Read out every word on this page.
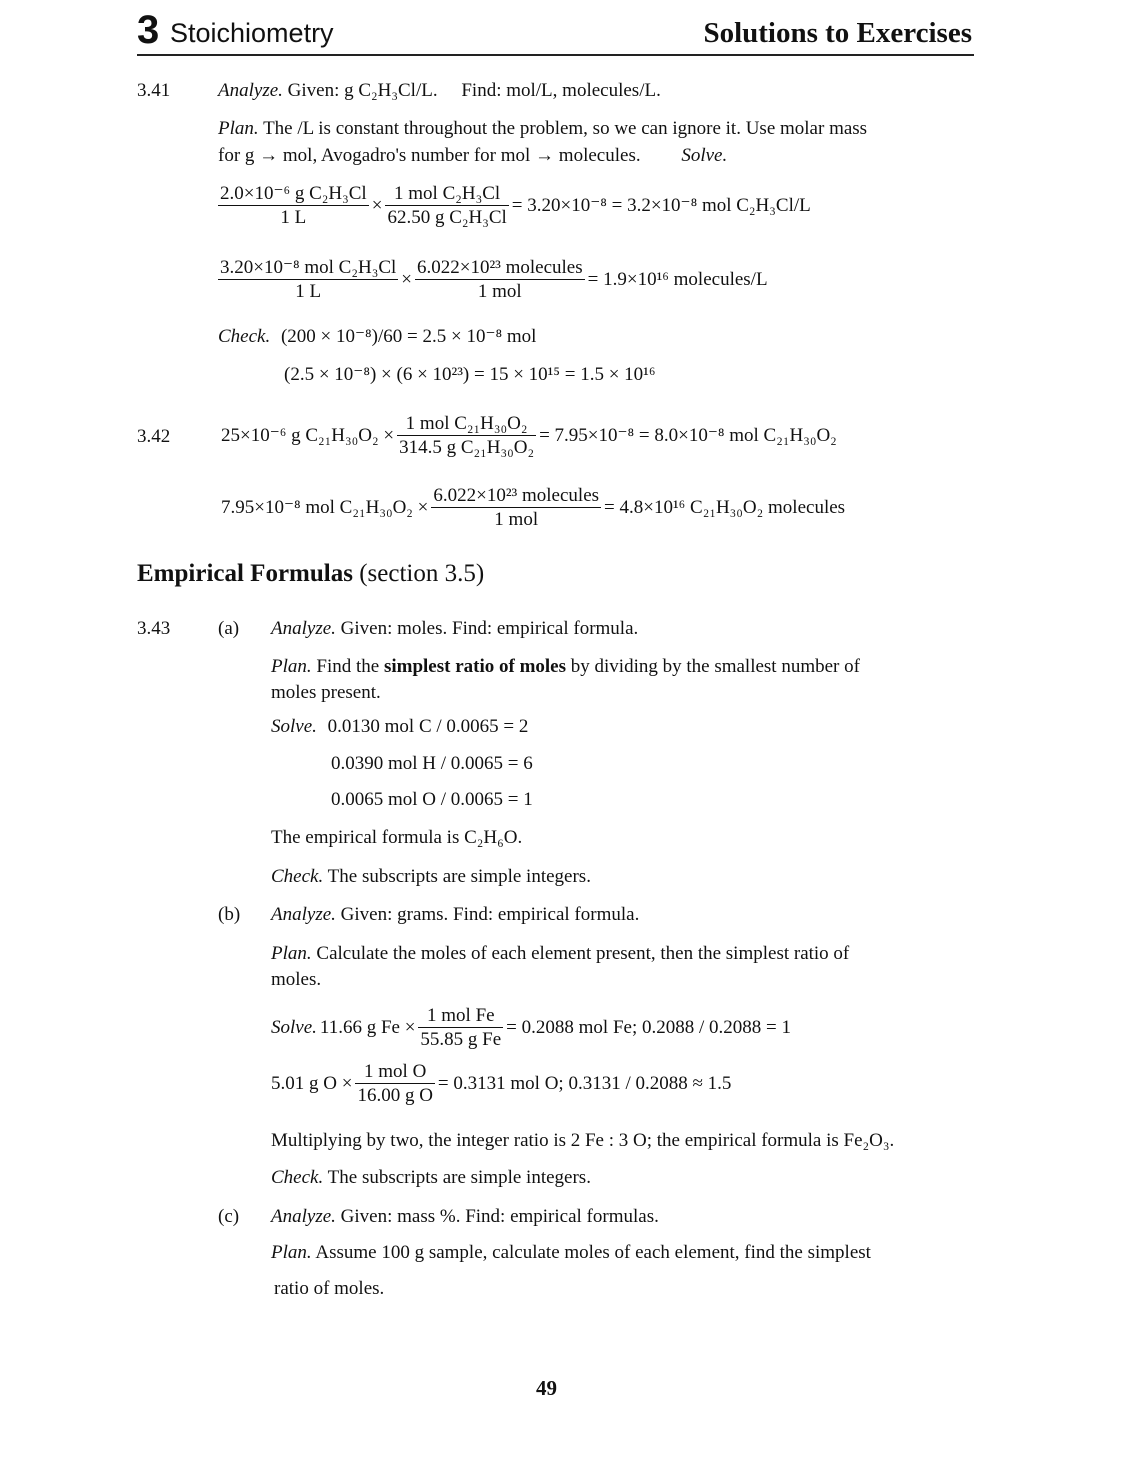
3 Stoichiometry	Solutions to Exercises
3.41	Analyze. Given: g C₂H₃Cl/L.     Find: mol/L, molecules/L.
Plan. The /L is constant throughout the problem, so we can ignore it. Use molar mass
for g → mol, Avogadro's number for mol → molecules. Solve.
$\frac{\text{2.0×10⁻⁶ g C₂H₃Cl}}{1 L} \times \frac{\text{1 mol C₂H₃Cl}}{\text{62.50 g C₂H₃Cl}} = 3.20\times 10^{-8} = 3.2\times 10^{-8}$ mol C₂H₃Cl/L
$\frac{\text{3.20×10⁻⁸ mol C₂H₃Cl}}{1 L} \times \frac{\text{6.022×10²³ molecules}}{\text{1 mol}} = 1.9\times 10^{16}$ molecules/L
Check. (200 × 10⁻⁸)/60 = 2.5 × 10⁻⁸ mol
(2.5 × 10⁻⁸) × (6 × 10²³) = 15 × 10¹⁵ = 1.5 × 10¹⁶
3.42	25×10⁻⁶ g $C_{21}H_{30}O_2 \times \frac{\text{1 mol C₂₁H₃₀O₂}}{\text{314.5 g C₂₁H₃₀O₂}} = 7.95\times 10^{-8} = 8.0\times 10^{-8}$ mol C₂₁H₃₀O₂
7.95×10⁻⁸ mol $C_{21}H_{30}O_2 \times \frac{\text{6.022×10²³ molecules}}{\text{1 mol}} = 4.8\times 10^{16}$ C₂₁H₃₀O₂ molecules
Empirical Formulas (section 3.5)
3.43	(a) Analyze. Given: moles. Find: empirical formula.
Plan. Find the simplest ratio of moles by dividing by the smallest number of
moles present.
Solve. 0.0130 mol C / 0.0065 = 2
0.0390 mol H / 0.0065 = 6
0.0065 mol O / 0.0065 = 1
The empirical formula is C₂H₆O.
Check. The subscripts are simple integers.
(b) Analyze. Given: grams. Find: empirical formula.
Plan. Calculate the moles of each element present, then the simplest ratio of
moles.
Solve. 11.66 g $Fe \times \frac{\text{1 mol Fe}}{\text{55.85 g Fe}} = 0.2088$ mol Fe; 0.2088 / 0.2088 = 1
5.01 g $O \times \frac{\text{1 mol O}}{\text{16.00 g O}} = 0.3131$ mol O; 0.3131 / 0.2088 ≈ 1.5
Multiplying by two, the integer ratio is 2 Fe : 3 O; the empirical formula is Fe₂O₃.
Check. The subscripts are simple integers.
(c) Analyze. Given: mass %. Find: empirical formulas.
Plan. Assume 100 g sample, calculate moles of each element, find the simplest
ratio of moles.
49
